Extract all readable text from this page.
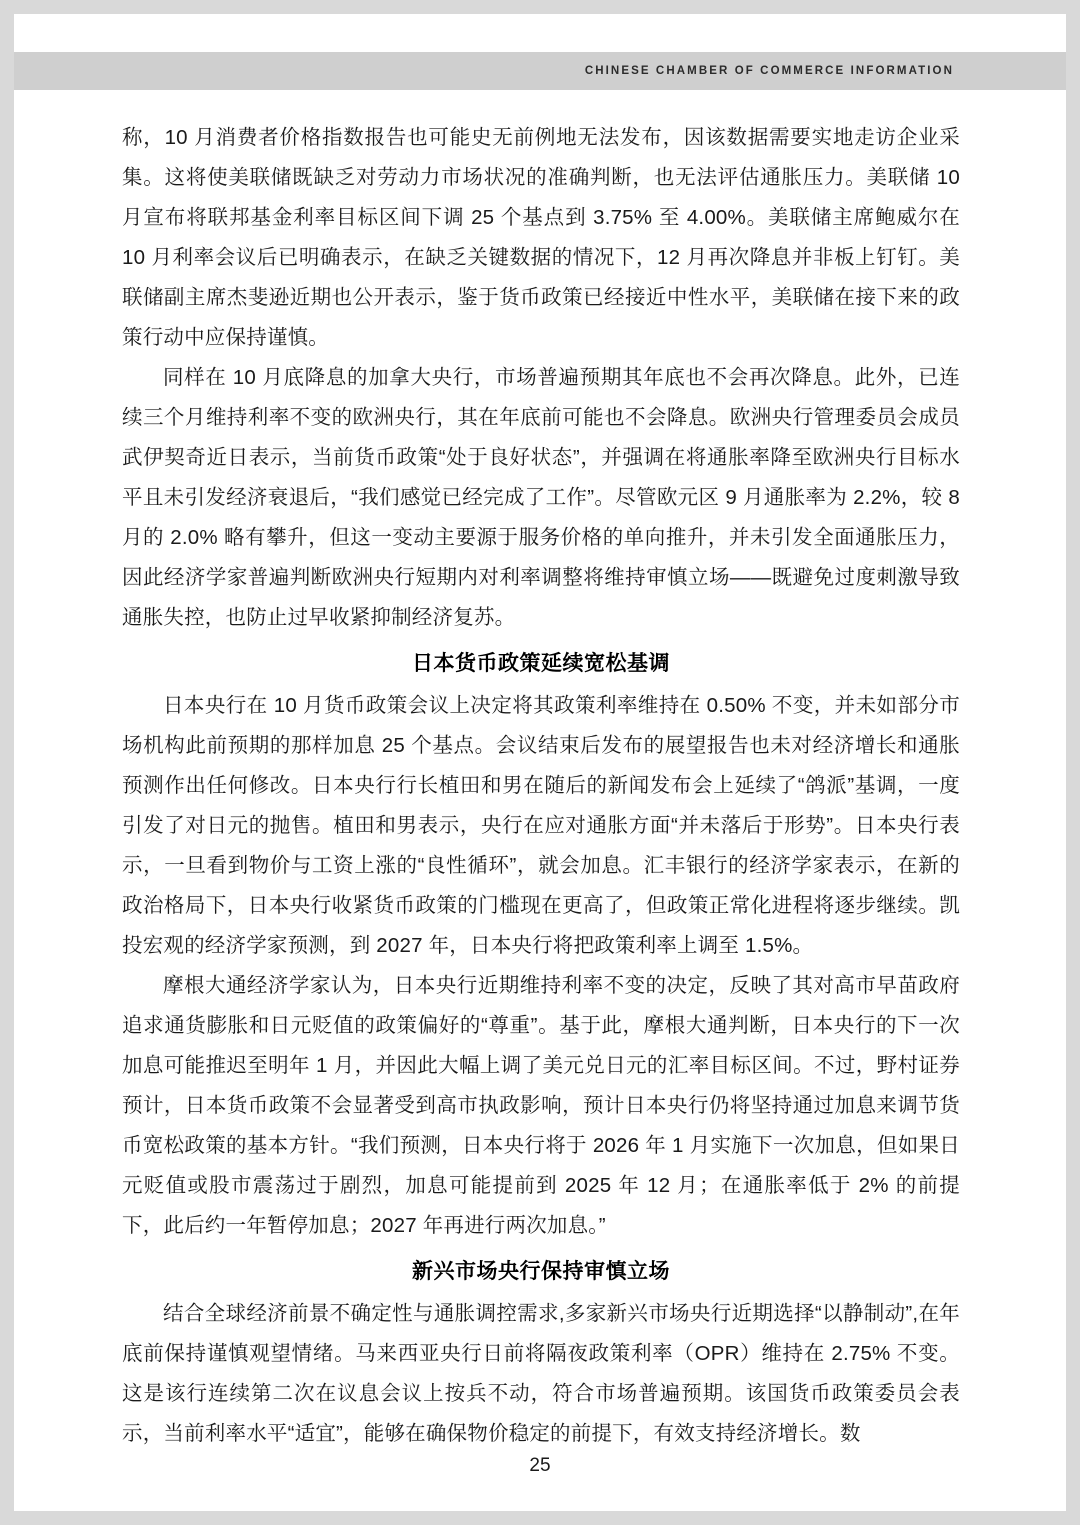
CHINESE CHAMBER OF COMMERCE INFORMATION

称，10 月消费者价格指数报告也可能史无前例地无法发布，因该数据需要实地走访企业采集。这将使美联储既缺乏对劳动力市场状况的准确判断，也无法评估通胀压力。美联储 10 月宣布将联邦基金利率目标区间下调 25 个基点到 3.75% 至 4.00%。美联储主席鲍威尔在 10 月利率会议后已明确表示，在缺乏关键数据的情况下，12 月再次降息并非板上钉钉。美联储副主席杰斐逊近期也公开表示，鉴于货币政策已经接近中性水平，美联储在接下来的政策行动中应保持谨慎。

同样在 10 月底降息的加拿大央行，市场普遍预期其年底也不会再次降息。此外，已连续三个月维持利率不变的欧洲央行，其在年底前可能也不会降息。欧洲央行管理委员会成员武伊契奇近日表示，当前货币政策“处于良好状态”，并强调在将通胀率降至欧洲央行目标水平且未引发经济衰退后，“我们感觉已经完成了工作”。尽管欧元区 9 月通胀率为 2.2%，较 8 月的 2.0% 略有攀升，但这一变动主要源于服务价格的单向推升，并未引发全面通胀压力，因此经济学家普遍判断欧洲央行短期内对利率调整将维持审慎立场——既避免过度刺激导致通胀失控，也防止过早收紧抑制经济复苏。

日本货币政策延续宽松基调

日本央行在 10 月货币政策会议上决定将其政策利率维持在 0.50% 不变，并未如部分市场机构此前预期的那样加息 25 个基点。会议结束后发布的展望报告也未对经济增长和通胀预测作出任何修改。日本央行行长植田和男在随后的新闻发布会上延续了“鸽派”基调，一度引发了对日元的抛售。植田和男表示，央行在应对通胀方面“并未落后于形势”。日本央行表示，一旦看到物价与工资上涨的“良性循环”，就会加息。汇丰银行的经济学家表示，在新的政治格局下，日本央行收紧货币政策的门槛现在更高了，但政策正常化进程将逐步继续。凯投宏观的经济学家预测，到 2027 年，日本央行将把政策利率上调至 1.5%。

摩根大通经济学家认为，日本央行近期维持利率不变的决定，反映了其对高市早苗政府追求通货膨胀和日元贬值的政策偏好的“尊重”。基于此，摩根大通判断，日本央行的下一次加息可能推迟至明年 1 月，并因此大幅上调了美元兑日元的汇率目标区间。不过，野村证券预计，日本货币政策不会显著受到高市执政影响，预计日本央行仍将坚持通过加息来调节货币宽松政策的基本方针。“我们预测，日本央行将于 2026 年 1 月实施下一次加息，但如果日元贬值或股市震荡过于剧烈，加息可能提前到 2025 年 12 月；在通胀率低于 2% 的前提下，此后约一年暂停加息；2027 年再进行两次加息。”

新兴市场央行保持审慎立场

结合全球经济前景不确定性与通胀调控需求,多家新兴市场央行近期选择“以静制动”,在年底前保持谨慎观望情绪。马来西亚央行日前将隔夜政策利率（OPR）维持在 2.75% 不变。这是该行连续第二次在议息会议上按兵不动，符合市场普遍预期。该国货币政策委员会表示，当前利率水平“适宜”，能够在确保物价稳定的前提下，有效支持经济增长。数

25
